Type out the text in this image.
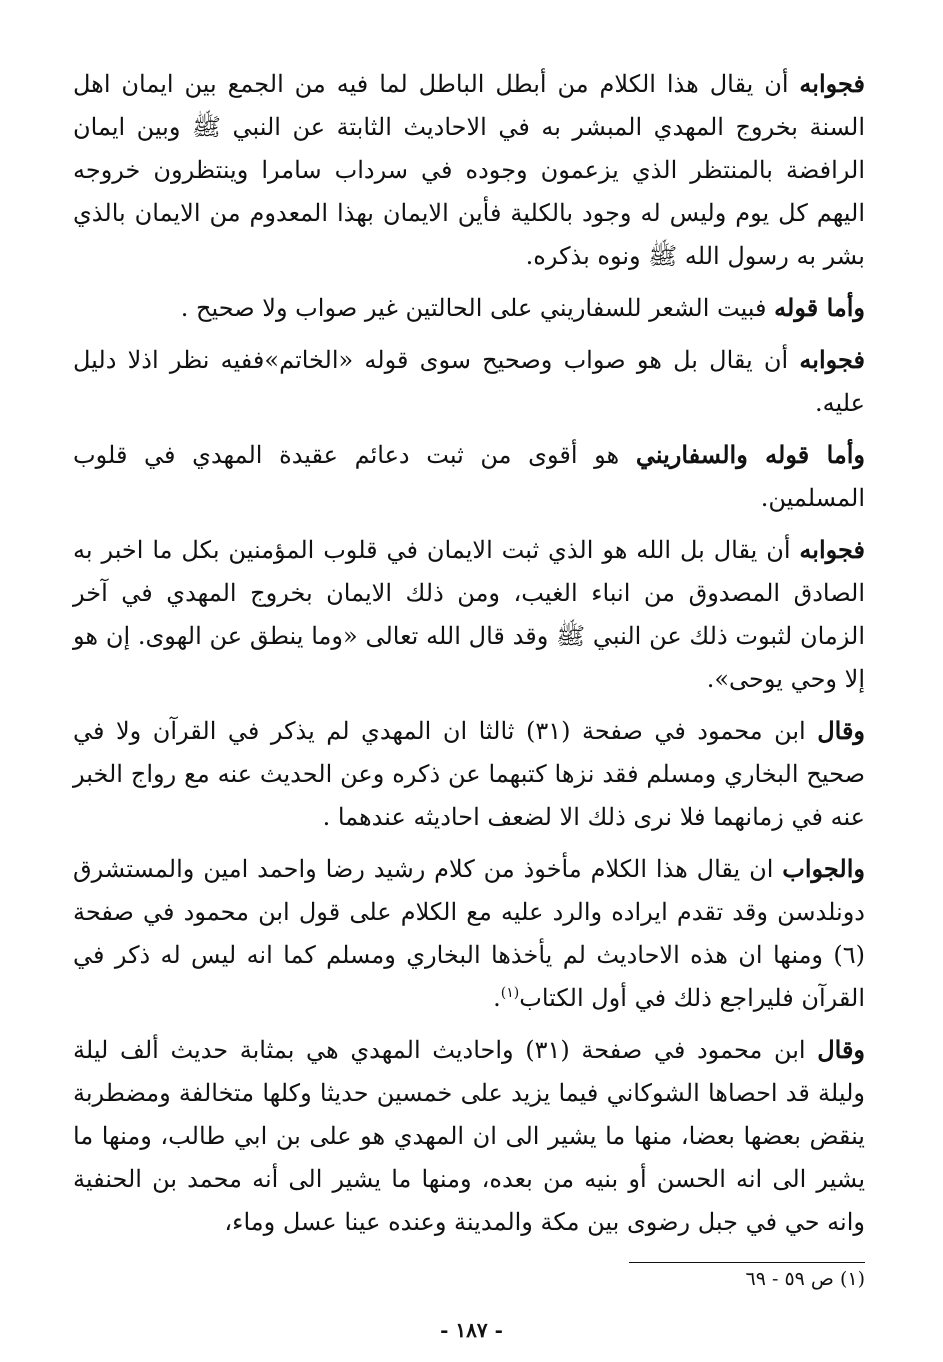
فجوابه أن يقال هذا الكلام من أبطل الباطل لما فيه من الجمع بين ايمان اهل السنة بخروج المهدي المبشر به في الاحاديث الثابتة عن النبي ﷺ وبين ايمان الرافضة بالمنتظر الذي يزعمون وجوده في سرداب سامرا وينتظرون خروجه اليهم كل يوم وليس له وجود بالكلية فأين الايمان بهذا المعدوم من الايمان بالذي بشر به رسول الله ﷺ ونوه بذكره.

وأما قوله فبيت الشعر للسفاريني على الحالتين غير صواب ولا صحيح .

فجوابه أن يقال بل هو صواب وصحيح سوى قوله «الخاتم»ففيه نظر اذلا دليل عليه.

وأما قوله والسفاريني هو أقوى من ثبت دعائم عقيدة المهدي في قلوب المسلمين.

فجوابه أن يقال بل الله هو الذي ثبت الايمان في قلوب المؤمنين بكل ما اخبر به الصادق المصدوق من انباء الغيب، ومن ذلك الايمان بخروج المهدي في آخر الزمان لثبوت ذلك عن النبي ﷺ وقد قال الله تعالى «وما ينطق عن الهوى. إن هو إلا وحي يوحى».

وقال ابن محمود في صفحة (٣١) ثالثا ان المهدي لم يذكر في القرآن ولا في صحيح البخاري ومسلم فقد نزها كتبهما عن ذكره وعن الحديث عنه مع رواج الخبر عنه في زمانهما فلا نرى ذلك الا لضعف احاديثه عندهما .

والجواب ان يقال هذا الكلام مأخوذ من كلام رشيد رضا واحمد امين والمستشرق دونلدسن وقد تقدم ايراده والرد عليه مع الكلام على قول ابن محمود في صفحة (٦) ومنها ان هذه الاحاديث لم يأخذها البخاري ومسلم كما انه ليس له ذكر في القرآن فليراجع ذلك في أول الكتاب$^{(١)}$.

وقال ابن محمود في صفحة (٣١) واحاديث المهدي هي بمثابة حديث ألف ليلة وليلة قد احصاها الشوكاني فيما يزيد على خمسين حديثا وكلها متخالفة ومضطربة ينقض بعضها بعضا، منها ما يشير الى ان المهدي هو على بن ابي طالب، ومنها ما يشير الى انه الحسن أو بنيه من بعده، ومنها ما يشير الى أنه محمد بن الحنفية وانه حي في جبل رضوى بين مكة والمدينة وعنده عينا عسل وماء،

(١) ص ٥٩ - ٦٩
- ١٨٧ -
